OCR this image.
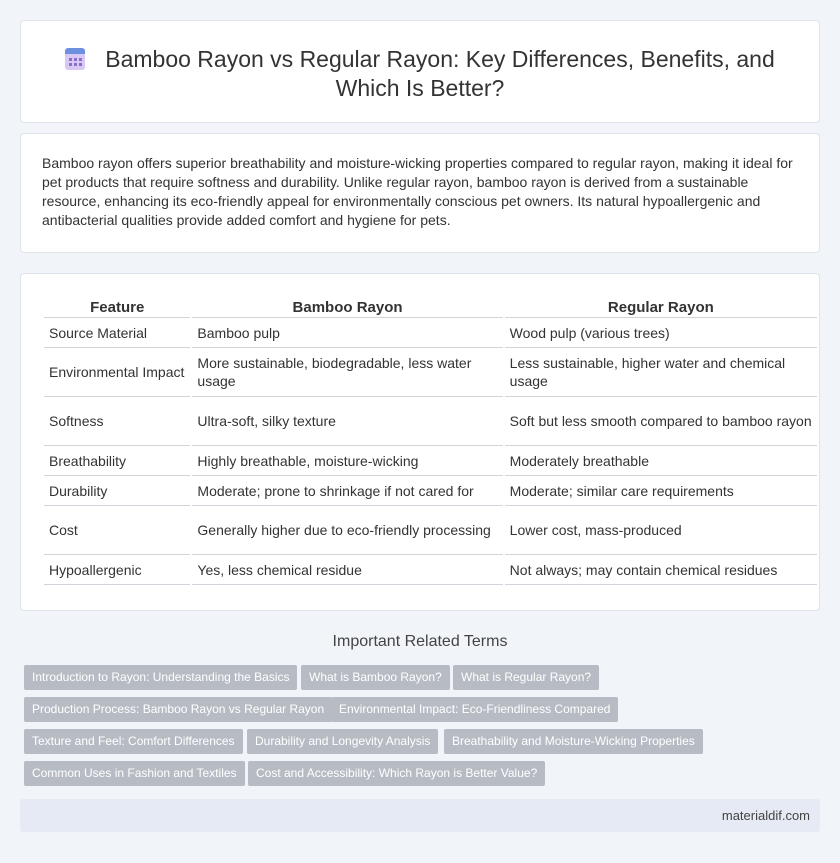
Bamboo Rayon vs Regular Rayon: Key Differences, Benefits, and
Which Is Better?

Bamboo rayon offers superior breathability and moisture-wicking properties compared to regular rayon, making it ideal for pet products that require softness and durability. Unlike regular rayon, bamboo rayon is derived from a sustainable resource, enhancing its eco-friendly appeal for environmentally conscious pet owners. Its natural hypoallergenic and antibacterial qualities provide added comfort and hygiene for pets.

Feature	Bamboo Rayon	Regular Rayon
Source Material	Bamboo pulp	Wood pulp (various trees)
Environmental Impact	More sustainable, biodegradable, less water usage	Less sustainable, higher water and chemical usage
Softness	Ultra-soft, silky texture	Soft but less smooth compared to bamboo rayon
Breathability	Highly breathable, moisture-wicking	Moderately breathable
Durability	Moderate; prone to shrinkage if not cared for	Moderate; similar care requirements
Cost	Generally higher due to eco-friendly processing	Lower cost, mass-produced
Hypoallergenic	Yes, less chemical residue	Not always; may contain chemical residues
Important Related Terms
Introduction to Rayon: Understanding the Basics	What is Bamboo Rayon?	What is Regular Rayon?
Production Process: Bamboo Rayon vs Regular Rayon	Environmental Impact: Eco-Friendliness Compared
Texture and Feel: Comfort Differences	Durability and Longevity Analysis	Breathability and Moisture-Wicking Properties
Common Uses in Fashion and Textiles	Cost and Accessibility: Which Rayon is Better Value?
materialdif.com
